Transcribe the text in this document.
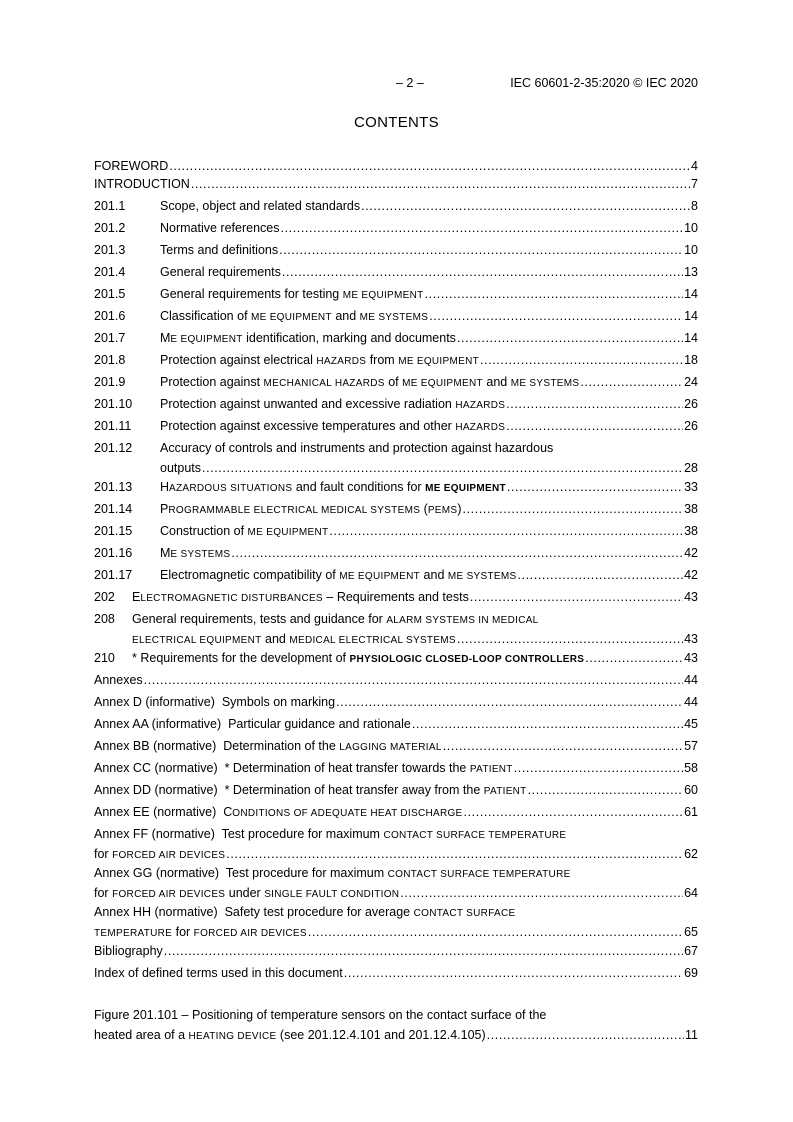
– 2 –	IEC 60601-2-35:2020 © IEC 2020
CONTENTS
FOREWORD .....	4
INTRODUCTION .....	7
201.1	Scope, object and related standards .....	8
201.2	Normative references .....	10
201.3	Terms and definitions .....	10
201.4	General requirements .....	13
201.5	General requirements for testing ME EQUIPMENT .....	14
201.6	Classification of ME EQUIPMENT and ME SYSTEMS .....	14
201.7	ME EQUIPMENT identification, marking and documents .....	14
201.8	Protection against electrical HAZARDS from ME EQUIPMENT .....	18
201.9	Protection against MECHANICAL HAZARDS of ME EQUIPMENT and ME SYSTEMS .....	24
201.10	Protection against unwanted and excessive radiation HAZARDS .....	26
201.11	Protection against excessive temperatures and other HAZARDS .....	26
201.12	Accuracy of controls and instruments and protection against hazardous
outputs .....	28
201.13	HAZARDOUS SITUATIONS and fault conditions for ME EQUIPMENT .....	33
201.14	PROGRAMMABLE ELECTRICAL MEDICAL SYSTEMS (PEMS) .....	38
201.15	Construction of ME EQUIPMENT .....	38
201.16	ME SYSTEMS .....	42
201.17	Electromagnetic compatibility of ME EQUIPMENT and ME SYSTEMS .....	42
202	ELECTROMAGNETIC DISTURBANCES – Requirements and tests .....	43
208	General requirements, tests and guidance for ALARM SYSTEMS IN MEDICAL
ELECTRICAL EQUIPMENT and MEDICAL ELECTRICAL SYSTEMS .....	43
210	* Requirements for the development of PHYSIOLOGIC CLOSED-LOOP CONTROLLERS .....	43
Annexes .....	44
Annex D (informative)  Symbols on marking .....	44
Annex AA (informative)  Particular guidance and rationale .....	45
Annex BB (normative)  Determination of the LAGGING MATERIAL .....	57
Annex CC (normative)  * Determination of heat transfer towards the PATIENT .....	58
Annex DD (normative)  * Determination of heat transfer away from the PATIENT .....	60
Annex EE (normative)  CONDITIONS OF ADEQUATE HEAT DISCHARGE .....	61
Annex FF (normative)  Test procedure for maximum CONTACT SURFACE TEMPERATURE
for FORCED AIR DEVICES .....	62
Annex GG (normative)  Test procedure for maximum CONTACT SURFACE TEMPERATURE
for FORCED AIR DEVICES under SINGLE FAULT CONDITION .....	64
Annex HH (normative)  Safety test procedure for average CONTACT SURFACE
TEMPERATURE for FORCED AIR DEVICES .....	65
Bibliography .....	67
Index of defined terms used in this document .....	69
Figure 201.101 – Positioning of temperature sensors on the contact surface of the
heated area of a HEATING DEVICE (see 201.12.4.101 and 201.12.4.105) .....	11
